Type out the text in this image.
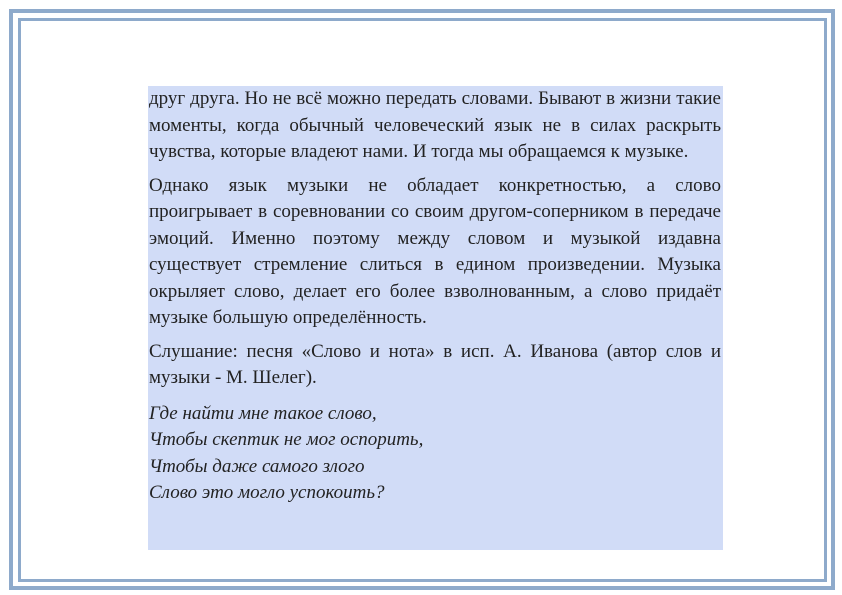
друг друга. Но не всё можно передать словами. Бывают в жизни такие моменты, когда обычный человеческий язык не в силах раскрыть чувства, которые владеют нами. И тогда мы обращаемся к музыке.

Однако язык музыки не обладает конкретностью, а слово проигрывает в соревновании со своим другом-соперником в передаче эмоций. Именно поэтому между словом и музыкой издавна существует стремление слиться в едином произведении. Музыка окрыляет слово, делает его более взволнованным, а слово придаёт музыке большую определённость.

Слушание: песня «Слово и нота» в исп. А. Иванова (автор слов и музыки - М. Шелег).

Где найти мне такое слово,
Чтобы скептик не мог оспорить,
Чтобы даже самого злого
Слово это могло успокоить?
